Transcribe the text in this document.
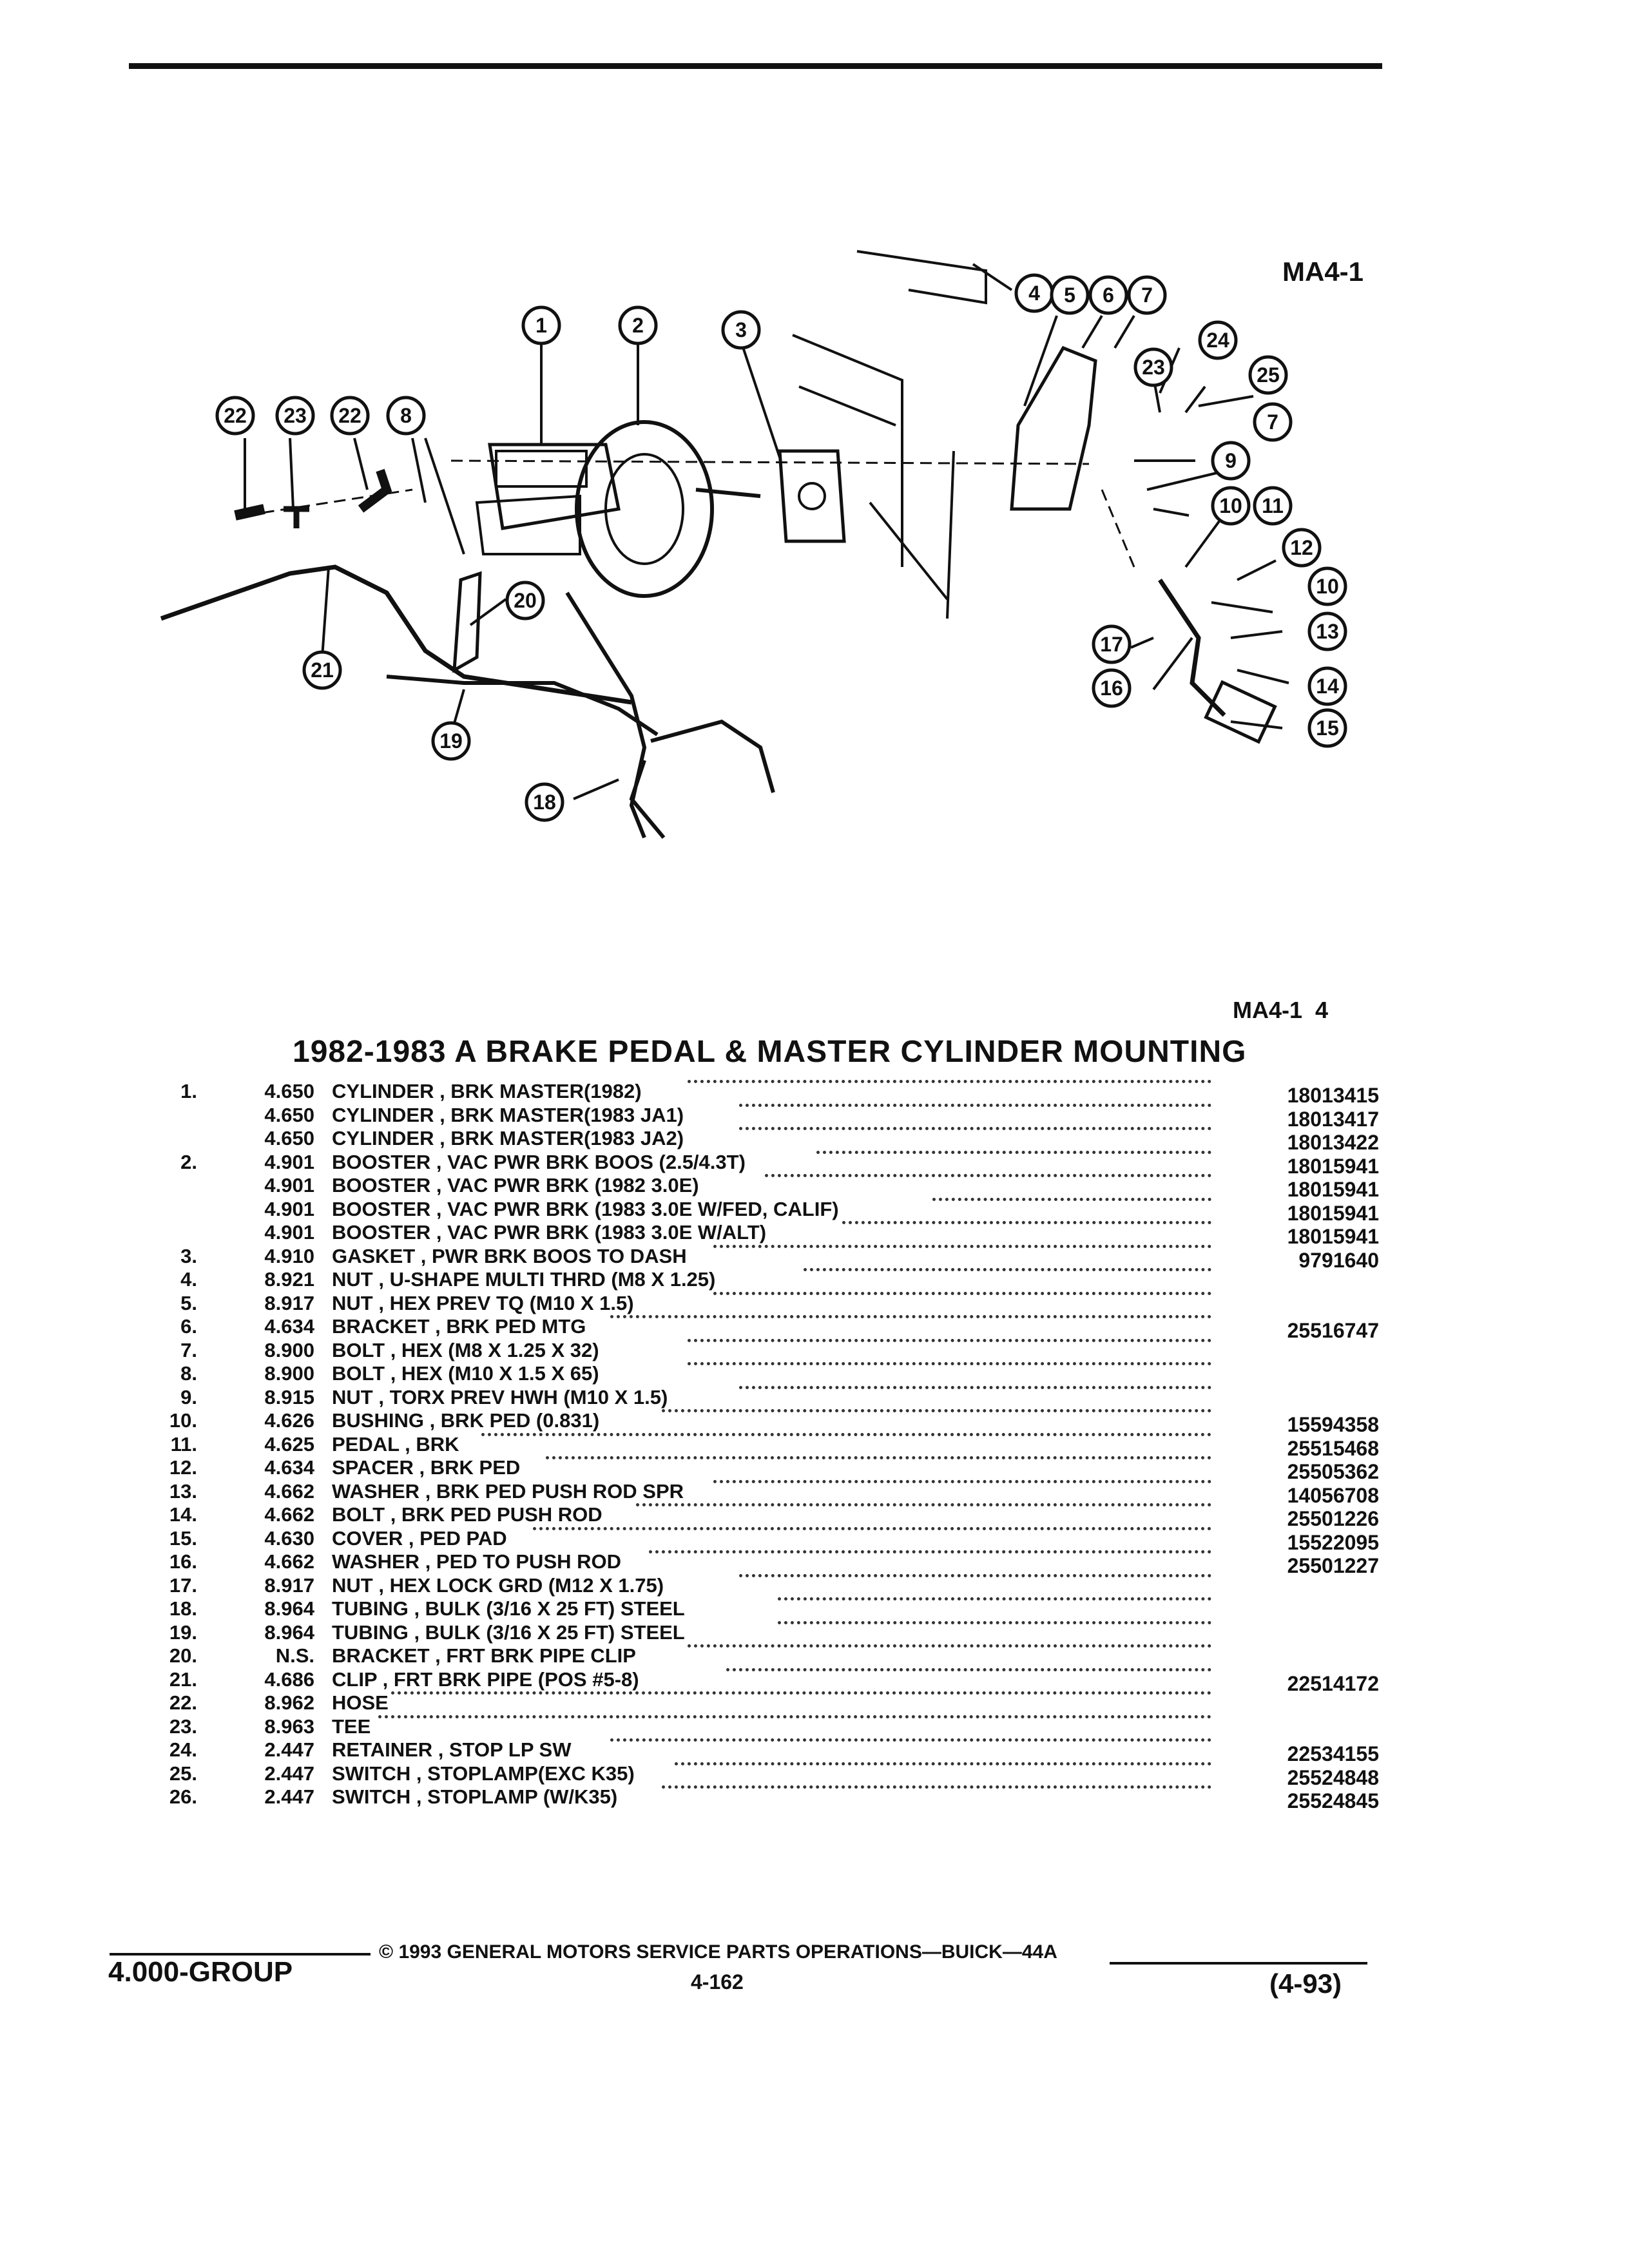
1	2	3
4 5 6 7
24
23	25
7
9
10 11
12
10
13
14
15
17
16
20
21
19
18
22 23 22 8
MA4-1
MA4-1 4
1982-1983 A BRAKE PEDAL & MASTER CYLINDER MOUNTING
1.	4.650 CYLINDER , BRK MASTER(1982)	18013415
4.650 CYLINDER , BRK MASTER(1983 JA1)	18013417
4.650 CYLINDER , BRK MASTER(1983 JA2)	18013422
2.	4.901 BOOSTER , VAC PWR BRK BOOS (2.5/4.3T)	18015941
4.901 BOOSTER , VAC PWR BRK (1982 3.0E)	18015941
4.901 BOOSTER , VAC PWR BRK (1983 3.0E W/FED, CALIF)	18015941
4.901 BOOSTER , VAC PWR BRK (1983 3.0E W/ALT)	18015941
3.	4.910 GASKET , PWR BRK BOOS TO DASH	9791640
4.	8.921 NUT , U-SHAPE MULTI THRD (M8 X 1.25)
5.	8.917 NUT , HEX PREV TQ (M10 X 1.5)
6.	4.634 BRACKET , BRK PED MTG	25516747
7.	8.900 BOLT , HEX (M8 X 1.25 X 32)
8.	8.900 BOLT , HEX (M10 X 1.5 X 65)
9.	8.915 NUT , TORX PREV HWH (M10 X 1.5)
10.	4.626 BUSHING , BRK PED (0.831)	15594358
11.	4.625 PEDAL , BRK	25515468
12.	4.634 SPACER , BRK PED	25505362
13.	4.662 WASHER , BRK PED PUSH ROD SPR	14056708
14.	4.662 BOLT , BRK PED PUSH ROD	25501226
15.	4.630 COVER , PED PAD	15522095
16.	4.662 WASHER , PED TO PUSH ROD	25501227
17.	8.917 NUT , HEX LOCK GRD (M12 X 1.75)
18.	8.964 TUBING , BULK (3/16 X 25 FT) STEEL
19.	8.964 TUBING , BULK (3/16 X 25 FT) STEEL
20.	N.S. BRACKET , FRT BRK PIPE CLIP
21.	4.686 CLIP , FRT BRK PIPE (POS #5-8)	22514172
22.	8.962 HOSE
23.	8.963 TEE
24.	2.447 RETAINER , STOP LP SW	22534155
25.	2.447 SWITCH , STOPLAMP(EXC K35)	25524848
26.	2.447 SWITCH , STOPLAMP (W/K35)	25524845
© 1993 GENERAL MOTORS SERVICE PARTS OPERATIONS—BUICK—44A
4.000-GROUP	4-162	(4-93)
